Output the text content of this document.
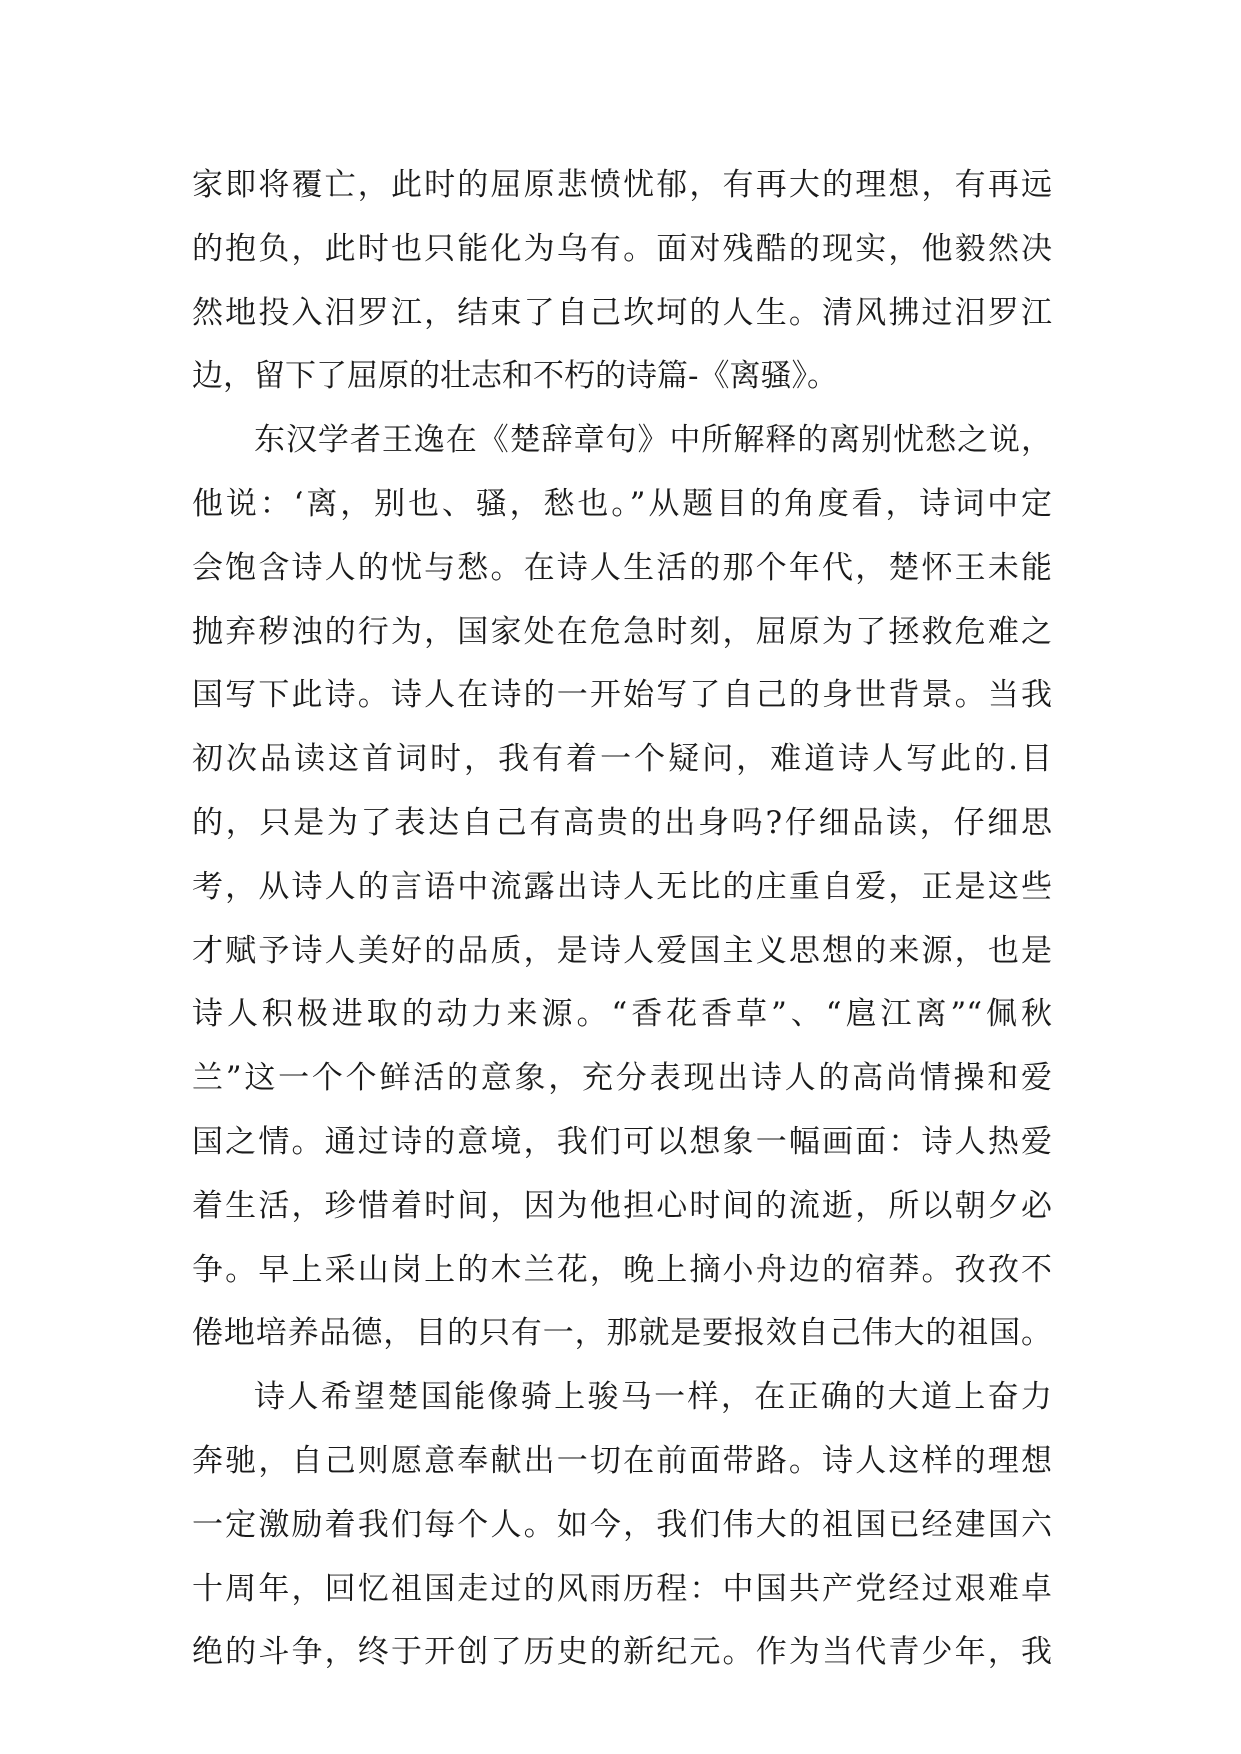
家即将覆亡，此时的屈原悲愤忧郁，有再大的理想，有再远
的抱负，此时也只能化为乌有。面对残酷的现实，他毅然决
然地投入汨罗江，结束了自己坎坷的人生。清风拂过汨罗江
边，留下了屈原的壮志和不朽的诗篇-《离骚》。
东汉学者王逸在《楚辞章句》中所解释的离别忧愁之说，
他说：‘离，别也、骚，愁也。”从题目的角度看，诗词中定
会饱含诗人的忧与愁。在诗人生活的那个年代，楚怀王未能
抛弃秽浊的行为，国家处在危急时刻，屈原为了拯救危难之
国写下此诗。诗人在诗的一开始写了自己的身世背景。当我
初次品读这首词时，我有着一个疑问，难道诗人写此的.目
的，只是为了表达自己有高贵的出身吗?仔细品读，仔细思
考，从诗人的言语中流露出诗人无比的庄重自爱，正是这些
才赋予诗人美好的品质，是诗人爱国主义思想的来源，也是
诗人积极进取的动力来源。“香花香草”、“扈江离”“佩秋
兰”这一个个鲜活的意象，充分表现出诗人的高尚情操和爱
国之情。通过诗的意境，我们可以想象一幅画面：诗人热爱
着生活，珍惜着时间，因为他担心时间的流逝，所以朝夕必
争。早上采山岗上的木兰花，晚上摘小舟边的宿莽。孜孜不
倦地培养品德，目的只有一，那就是要报效自己伟大的祖国。
诗人希望楚国能像骑上骏马一样，在正确的大道上奋力
奔驰，自己则愿意奉献出一切在前面带路。诗人这样的理想
一定激励着我们每个人。如今，我们伟大的祖国已经建国六
十周年，回忆祖国走过的风雨历程：中国共产党经过艰难卓
绝的斗争，终于开创了历史的新纪元。作为当代青少年，我
